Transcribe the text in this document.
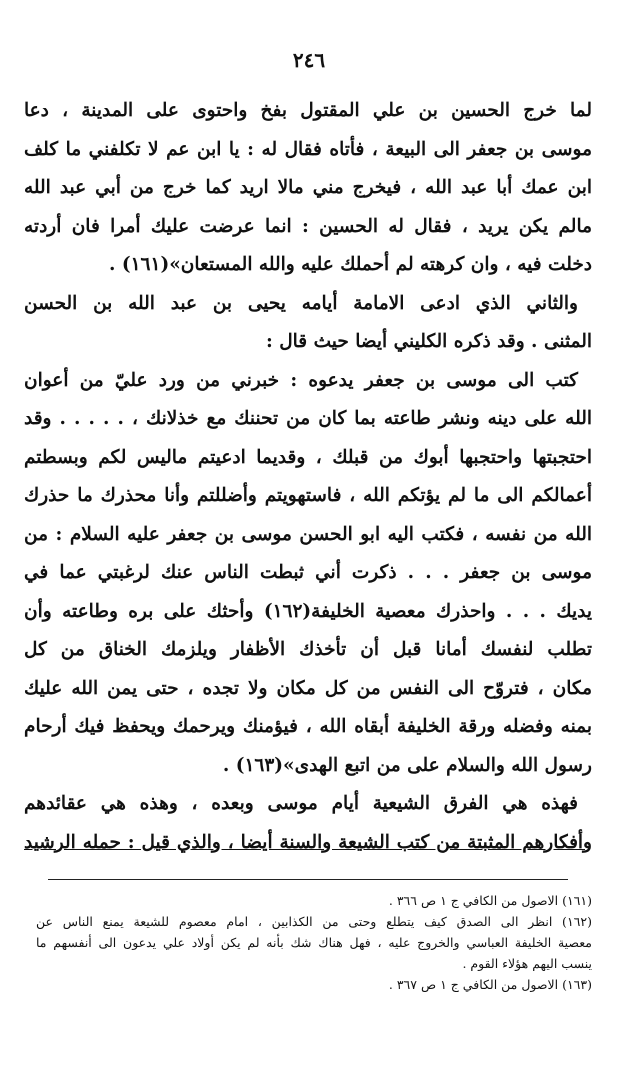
٢٤٦
لما خرج الحسين بن علي المقتول بفخ واحتوى على المدينة ، دعا
موسى بن جعفر الى البيعة ، فأتاه فقال له : يا ابن عم لا تكلفني ما كلف
ابن عمك أبا عبد الله ، فيخرج مني مالا اريد كما خرج من أبي عبد الله
مالم يكن يريد ، فقال له الحسين : انما عرضت عليك أمرا فان أردته
دخلت فيه ، وان كرهته لم أحملك عليه والله المستعان»(١٦١) .
والثاني الذي ادعى الامامة أيامه يحيى بن عبد الله بن الحسن
المثنى . وقد ذكره الكليني أيضا حيث قال :
كتب الى موسى بن جعفر يدعوه : خبرني من ورد عليّ من أعوان
الله على دينه ونشر طاعته بما كان من تحننك مع خذلانك ، . . . . . وقد
احتجبتها واحتجبها أبوك من قبلك ، وقديما ادعيتم ماليس لكم وبسطتم
أعمالكم الى ما لم يؤتكم الله ، فاستهويتم وأضللتم وأنا محذرك ما حذرك
الله من نفسه ، فكتب اليه ابو الحسن موسى بن جعفر عليه السلام : من
موسى بن جعفر . . . ذكرت أني ثبطت الناس عنك لرغبتي عما في
يديك . . . واحذرك معصية الخليفة(١٦٢) وأحثك على بره وطاعته وأن
تطلب لنفسك أمانا قبل أن تأخذك الأظفار ويلزمك الخناق من كل
مكان ، فتروّح الى النفس من كل مكان ولا تجده ، حتى يمن الله عليك
بمنه وفضله ورقة الخليفة أبقاه الله ، فيؤمنك ويرحمك ويحفظ فيك أرحام
رسول الله والسلام على من اتبع الهدى»(١٦٣) .
فهذه هي الفرق الشيعية أيام موسى وبعده ، وهذه هي عقائدهم
وأفكارهم المثبتة من كتب الشيعة والسنة أيضا ، والذي قيل : حمله الرشيد
(١٦١) الاصول من الكافي ج ١ ص ٣٦٦ .
(١٦٢) انظر الى الصدق كيف يتطلع وحتى من الكذابين ، امام معصوم للشيعة يمنع الناس عن
معصية الخليفة العباسي والخروج عليه ، فهل هناك شك بأنه لم يكن أولاد علي يدعون الى أنفسهم ما
ينسب اليهم هؤلاء القوم .
(١٦٣) الاصول من الكافي ج ١ ص ٣٦٧ .
